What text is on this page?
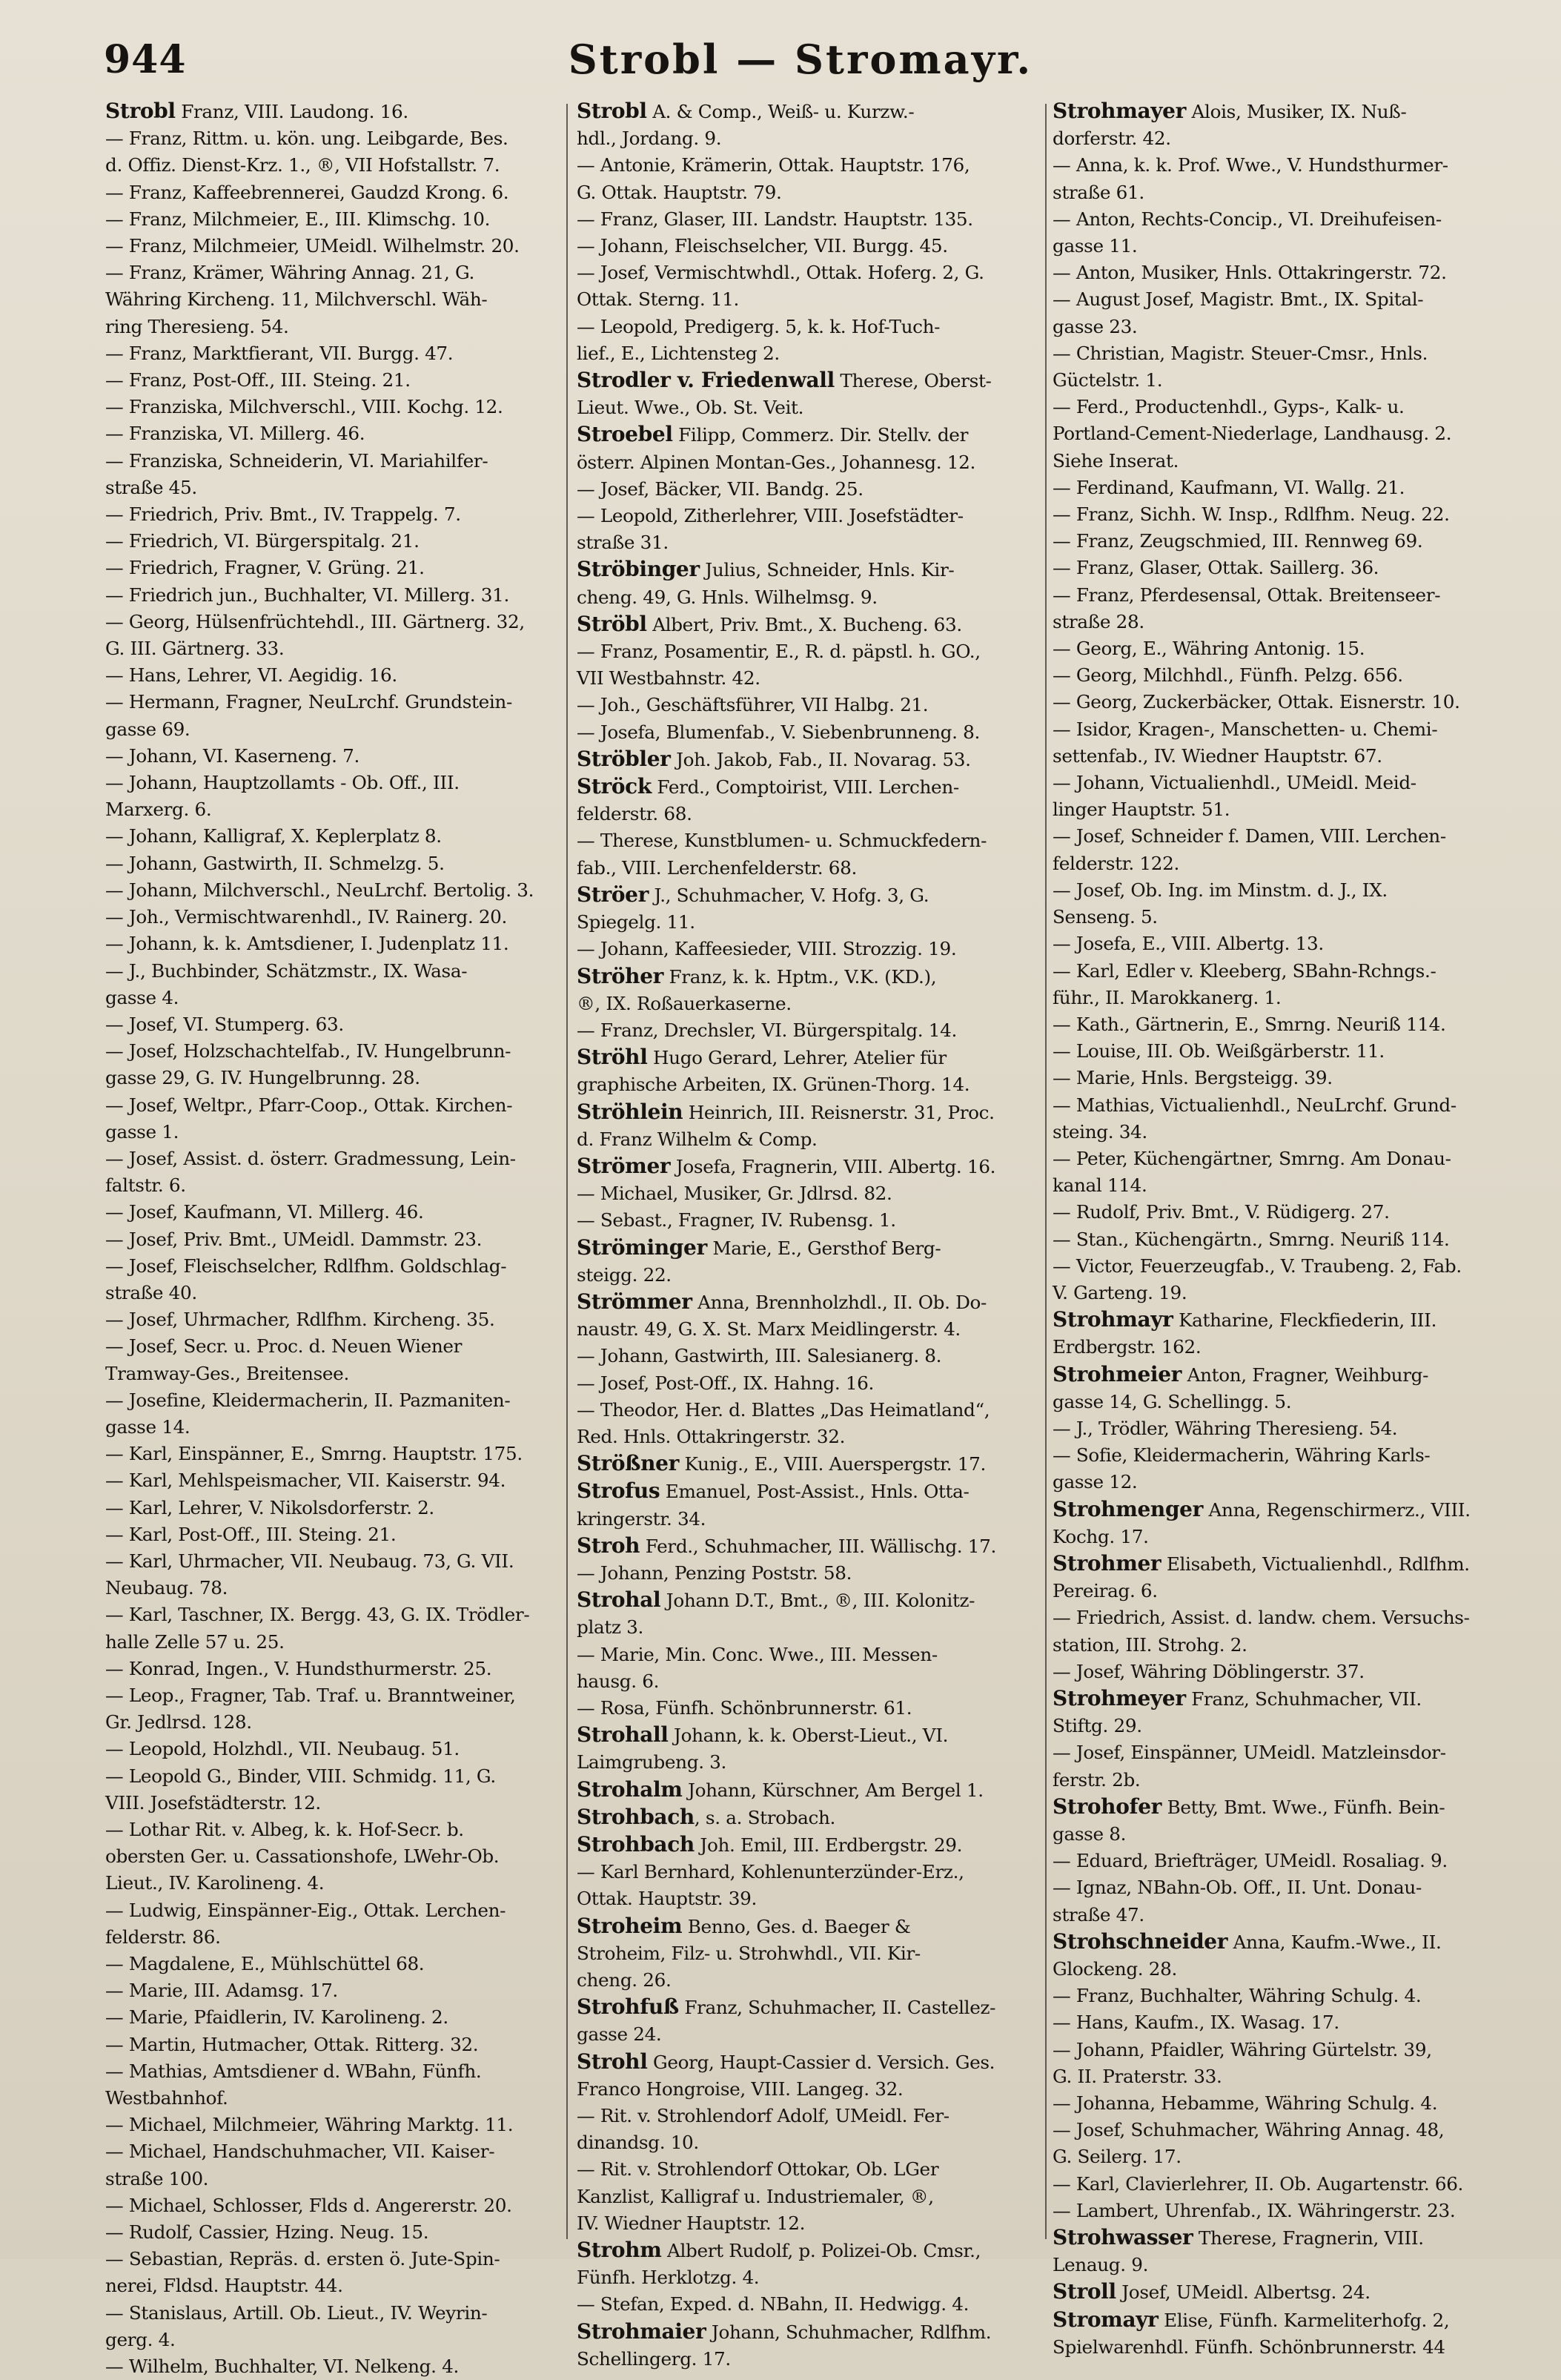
944	Strobl — Stromayr.
Strobl Franz, VIII. Laudong. 16.
— Franz, Rittm. u. kön. ung. Leibgarde, Bes.
d. Offiz. Dienst-Krz. 1., ®, VII Hofstallstr. 7.
— Franz, Kaffeebrennerei, Gaudzd Krong. 6.
— Franz, Milchmeier, E., III. Klimschg. 10.
— Franz, Milchmeier, UMeidl. Wilhelmstr. 20.
— Franz, Krämer, Währing Annag. 21, G.
Währing Kircheng. 11, Milchverschl. Wäh-
ring Theresieng. 54.
— Franz, Marktfierant, VII. Burgg. 47.
— Franz, Post-Off., III. Steing. 21.
— Franziska, Milchverschl., VIII. Kochg. 12.
— Franziska, VI. Millerg. 46.
— Franziska, Schneiderin, VI. Mariahilfer-
straße 45.
— Friedrich, Priv. Bmt., IV. Trappelg. 7.
— Friedrich, VI. Bürgerspitalg. 21.
— Friedrich, Fragner, V. Grüng. 21.
— Friedrich jun., Buchhalter, VI. Millerg. 31.
— Georg, Hülsenfrüchtehdl., III. Gärtnerg. 32,
G. III. Gärtnerg. 33.
— Hans, Lehrer, VI. Aegidig. 16.
— Hermann, Fragner, NeuLrchf. Grundstein-
gasse 69.
— Johann, VI. Kaserneng. 7.
— Johann, Hauptzollamts - Ob. Off., III.
Marxerg. 6.
— Johann, Kalligraf, X. Keplerplatz 8.
— Johann, Gastwirth, II. Schmelzg. 5.
— Johann, Milchverschl., NeuLrchf. Bertolig. 3.
— Joh., Vermischtwarenhdl., IV. Rainerg. 20.
— Johann, k. k. Amtsdiener, I. Judenplatz 11.
— J., Buchbinder, Schätzmstr., IX. Wasa-
gasse 4.
— Josef, VI. Stumperg. 63.
— Josef, Holzschachtelfab., IV. Hungelbrunn-
gasse 29, G. IV. Hungelbrunng. 28.
— Josef, Weltpr., Pfarr-Coop., Ottak. Kirchen-
gasse 1.
— Josef, Assist. d. österr. Gradmessung, Lein-
faltstr. 6.
— Josef, Kaufmann, VI. Millerg. 46.
— Josef, Priv. Bmt., UMeidl. Dammstr. 23.
— Josef, Fleischselcher, Rdlfhm. Goldschlag-
straße 40.
— Josef, Uhrmacher, Rdlfhm. Kircheng. 35.
— Josef, Secr. u. Proc. d. Neuen Wiener
Tramway-Ges., Breitensee.
— Josefine, Kleidermacherin, II. Pazmaniten-
gasse 14.
— Karl, Einspänner, E., Smrng. Hauptstr. 175.
— Karl, Mehlspeismacher, VII. Kaiserstr. 94.
— Karl, Lehrer, V. Nikolsdorferstr. 2.
— Karl, Post-Off., III. Steing. 21.
— Karl, Uhrmacher, VII. Neubaug. 73, G. VII.
Neubaug. 78.
— Karl, Taschner, IX. Bergg. 43, G. IX. Trödler-
halle Zelle 57 u. 25.
— Konrad, Ingen., V. Hundsthurmerstr. 25.
— Leop., Fragner, Tab. Traf. u. Branntweiner,
Gr. Jedlrsd. 128.
— Leopold, Holzhdl., VII. Neubaug. 51.
— Leopold G., Binder, VIII. Schmidg. 11, G.
VIII. Josefstädterstr. 12.
— Lothar Rit. v. Albeg, k. k. Hof-Secr. b.
obersten Ger. u. Cassationshofe, LWehr-Ob.
Lieut., IV. Karolineng. 4.
— Ludwig, Einspänner-Eig., Ottak. Lerchen-
felderstr. 86.
— Magdalene, E., Mühlschüttel 68.
— Marie, III. Adamsg. 17.
— Marie, Pfaidlerin, IV. Karolineng. 2.
— Martin, Hutmacher, Ottak. Ritterg. 32.
— Mathias, Amtsdiener d. WBahn, Fünfh.
Westbahnhof.
— Michael, Milchmeier, Währing Marktg. 11.
— Michael, Handschuhmacher, VII. Kaiser-
straße 100.
— Michael, Schlosser, Flds d. Angererstr. 20.
— Rudolf, Cassier, Hzing. Neug. 15.
— Sebastian, Repräs. d. ersten ö. Jute-Spin-
nerei, Fldsd. Hauptstr. 44.
— Stanislaus, Artill. Ob. Lieut., IV. Weyrin-
gerg. 4.
— Wilhelm, Buchhalter, VI. Nelkeng. 4.
Strobl A. & Comp., Weiß- u. Kurzw.-
hdl., Jordang. 9.
— Antonie, Krämerin, Ottak. Hauptstr. 176,
G. Ottak. Hauptstr. 79.
— Franz, Glaser, III. Landstr. Hauptstr. 135.
— Johann, Fleischselcher, VII. Burgg. 45.
— Josef, Vermischtwhdl., Ottak. Hoferg. 2, G.
Ottak. Sterng. 11.
— Leopold, Predigerg. 5, k. k. Hof-Tuch-
lief., E., Lichtensteg 2.
Strodler v. Friedenwall Therese, Oberst-
Lieut. Wwe., Ob. St. Veit.
Stroebel Filipp, Commerz. Dir. Stellv. der
österr. Alpinen Montan-Ges., Johannesg. 12.
— Josef, Bäcker, VII. Bandg. 25.
— Leopold, Zitherlehrer, VIII. Josefstädter-
straße 31.
Ströbinger Julius, Schneider, Hnls. Kir-
cheng. 49, G. Hnls. Wilhelmsg. 9.
Ströbl Albert, Priv. Bmt., X. Bucheng. 63.
— Franz, Posamentir, E., R. d. päpstl. h. GO.,
VII Westbahnstr. 42.
— Joh., Geschäftsführer, VII Halbg. 21.
— Josefa, Blumenfab., V. Siebenbrunneng. 8.
Ströbler Joh. Jakob, Fab., II. Novarag. 53.
Ströck Ferd., Comptoirist, VIII. Lerchen-
felderstr. 68.
— Therese, Kunstblumen- u. Schmuckfedern-
fab., VIII. Lerchenfelderstr. 68.
Ströer J., Schuhmacher, V. Hofg. 3, G.
Spiegelg. 11.
— Johann, Kaffeesieder, VIII. Strozzig. 19.
Ströher Franz, k. k. Hptm., V.K. (KD.),
®, IX. Roßauerkaserne.
— Franz, Drechsler, VI. Bürgerspitalg. 14.
Ströhl Hugo Gerard, Lehrer, Atelier für
graphische Arbeiten, IX. Grünen-Thorg. 14.
Ströhlein Heinrich, III. Reisnerstr. 31, Proc.
d. Franz Wilhelm & Comp.
Strömer Josefa, Fragnerin, VIII. Albertg. 16.
— Michael, Musiker, Gr. Jdlrsd. 82.
— Sebast., Fragner, IV. Rubensg. 1.
Ströminger Marie, E., Gersthof Berg-
steigg. 22.
Strömmer Anna, Brennholzhdl., II. Ob. Do-
naustr. 49, G. X. St. Marx Meidlingerstr. 4.
— Johann, Gastwirth, III. Salesianerg. 8.
— Josef, Post-Off., IX. Hahng. 16.
— Theodor, Her. d. Blattes „Das Heimatland“,
Red. Hnls. Ottakringerstr. 32.
Strößner Kunig., E., VIII. Auerspergstr. 17.
Strofus Emanuel, Post-Assist., Hnls. Otta-
kringerstr. 34.
Stroh Ferd., Schuhmacher, III. Wällischg. 17.
— Johann, Penzing Poststr. 58.
Strohal Johann D.T., Bmt., ®, III. Kolonitz-
platz 3.
— Marie, Min. Conc. Wwe., III. Messen-
hausg. 6.
— Rosa, Fünfh. Schönbrunnerstr. 61.
Strohall Johann, k. k. Oberst-Lieut., VI.
Laimgrubeng. 3.
Strohalm Johann, Kürschner, Am Bergel 1.
Strohbach, s. a. Strobach.
Strohbach Joh. Emil, III. Erdbergstr. 29.
— Karl Bernhard, Kohlenunterzünder-Erz.,
Ottak. Hauptstr. 39.
Stroheim Benno, Ges. d. Baeger &
Stroheim, Filz- u. Strohwhdl., VII. Kir-
cheng. 26.
Strohfuß Franz, Schuhmacher, II. Castellez-
gasse 24.
Strohl Georg, Haupt-Cassier d. Versich. Ges.
Franco Hongroise, VIII. Langeg. 32.
— Rit. v. Strohlendorf Adolf, UMeidl. Fer-
dinandsg. 10.
— Rit. v. Strohlendorf Ottokar, Ob. LGer
Kanzlist, Kalligraf u. Industriemaler, ®,
IV. Wiedner Hauptstr. 12.
Strohm Albert Rudolf, p. Polizei-Ob. Cmsr.,
Fünfh. Herklotzg. 4.
— Stefan, Exped. d. NBahn, II. Hedwigg. 4.
Strohmaier Johann, Schuhmacher, Rdlfhm.
Schellingerg. 17.
Strohmayer Alois, Musiker, IX. Nuß-
dorferstr. 42.
— Anna, k. k. Prof. Wwe., V. Hundsthurmer-
straße 61.
— Anton, Rechts-Concip., VI. Dreihufeisen-
gasse 11.
— Anton, Musiker, Hnls. Ottakringerstr. 72.
— August Josef, Magistr. Bmt., IX. Spital-
gasse 23.
— Christian, Magistr. Steuer-Cmsr., Hnls.
Güctelstr. 1.
— Ferd., Productenhdl., Gyps-, Kalk- u.
Portland-Cement-Niederlage, Landhausg. 2.
Siehe Inserat.
— Ferdinand, Kaufmann, VI. Wallg. 21.
— Franz, Sichh. W. Insp., Rdlfhm. Neug. 22.
— Franz, Zeugschmied, III. Rennweg 69.
— Franz, Glaser, Ottak. Saillerg. 36.
— Franz, Pferdesensal, Ottak. Breitenseer-
straße 28.
— Georg, E., Währing Antonig. 15.
— Georg, Milchhdl., Fünfh. Pelzg. 656.
— Georg, Zuckerbäcker, Ottak. Eisnerstr. 10.
— Isidor, Kragen-, Manschetten- u. Chemi-
settenfab., IV. Wiedner Hauptstr. 67.
— Johann, Victualienhdl., UMeidl. Meid-
linger Hauptstr. 51.
— Josef, Schneider f. Damen, VIII. Lerchen-
felderstr. 122.
— Josef, Ob. Ing. im Minstm. d. J., IX.
Senseng. 5.
— Josefa, E., VIII. Albertg. 13.
— Karl, Edler v. Kleeberg, SBahn-Rchngs.-
führ., II. Marokkanerg. 1.
— Kath., Gärtnerin, E., Smrng. Neuriß 114.
— Louise, III. Ob. Weißgärberstr. 11.
— Marie, Hnls. Bergsteigg. 39.
— Mathias, Victualienhdl., NeuLrchf. Grund-
steing. 34.
— Peter, Küchengärtner, Smrng. Am Donau-
kanal 114.
— Rudolf, Priv. Bmt., V. Rüdigerg. 27.
— Stan., Küchengärtn., Smrng. Neuriß 114.
— Victor, Feuerzeugfab., V. Traubeng. 2, Fab.
V. Garteng. 19.
Strohmayr Katharine, Fleckfiederin, III.
Erdbergstr. 162.
Strohmeier Anton, Fragner, Weihburg-
gasse 14, G. Schellingg. 5.
— J., Trödler, Währing Theresieng. 54.
— Sofie, Kleidermacherin, Währing Karls-
gasse 12.
Strohmenger Anna, Regenschirmerz., VIII.
Kochg. 17.
Strohmer Elisabeth, Victualienhdl., Rdlfhm.
Pereirag. 6.
— Friedrich, Assist. d. landw. chem. Versuchs-
station, III. Strohg. 2.
— Josef, Währing Döblingerstr. 37.
Strohmeyer Franz, Schuhmacher, VII.
Stiftg. 29.
— Josef, Einspänner, UMeidl. Matzleinsdor-
ferstr. 2b.
Strohofer Betty, Bmt. Wwe., Fünfh. Bein-
gasse 8.
— Eduard, Briefträger, UMeidl. Rosaliag. 9.
— Ignaz, NBahn-Ob. Off., II. Unt. Donau-
straße 47.
Strohschneider Anna, Kaufm.-Wwe., II.
Glockeng. 28.
— Franz, Buchhalter, Währing Schulg. 4.
— Hans, Kaufm., IX. Wasag. 17.
— Johann, Pfaidler, Währing Gürtelstr. 39,
G. II. Praterstr. 33.
— Johanna, Hebamme, Währing Schulg. 4.
— Josef, Schuhmacher, Währing Annag. 48,
G. Seilerg. 17.
— Karl, Clavierlehrer, II. Ob. Augartenstr. 66.
— Lambert, Uhrenfab., IX. Währingerstr. 23.
Strohwasser Therese, Fragnerin, VIII.
Lenaug. 9.
Stroll Josef, UMeidl. Albertsg. 24.
Stromayr Elise, Fünfh. Karmeliterhofg. 2,
Spielwarenhdl. Fünfh. Schönbrunnerstr. 44
